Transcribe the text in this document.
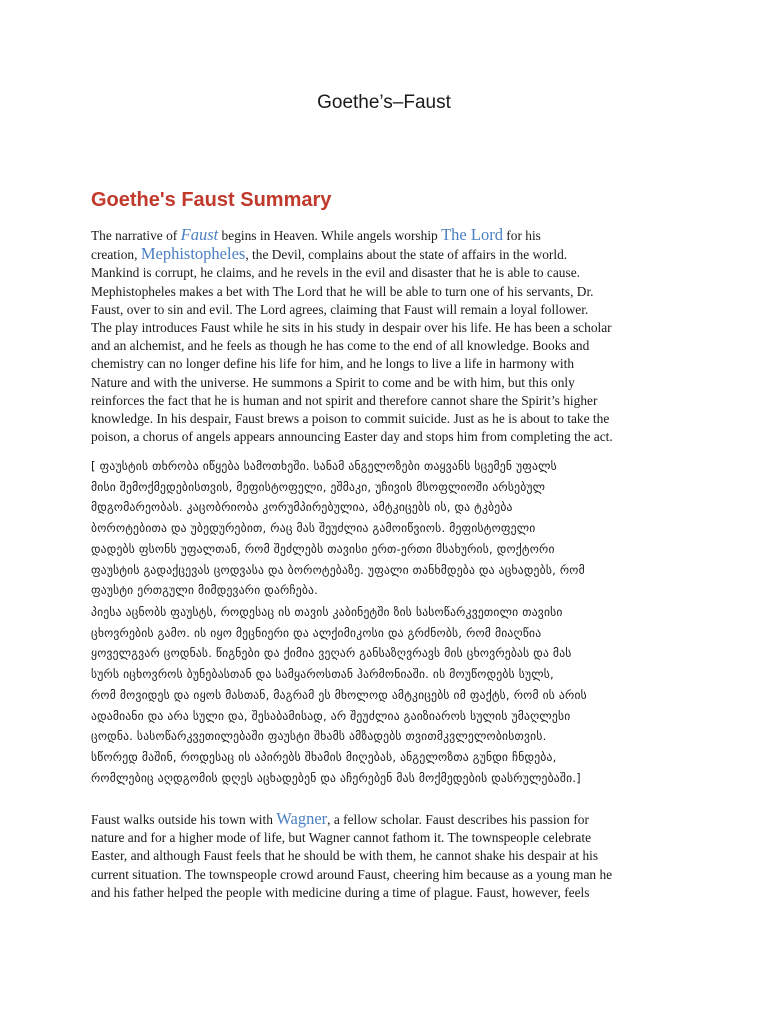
Goethe’s–Faust
Goethe's Faust Summary
The narrative of Faust begins in Heaven. While angels worship The Lord for his
creation, Mephistopheles, the Devil, complains about the state of affairs in the world.
Mankind is corrupt, he claims, and he revels in the evil and disaster that he is able to cause.
Mephistopheles makes a bet with The Lord that he will be able to turn one of his servants, Dr.
Faust, over to sin and evil. The Lord agrees, claiming that Faust will remain a loyal follower.
The play introduces Faust while he sits in his study in despair over his life. He has been a scholar
and an alchemist, and he feels as though he has come to the end of all knowledge. Books and
chemistry can no longer define his life for him, and he longs to live a life in harmony with
Nature and with the universe. He summons a Spirit to come and be with him, but this only
reinforces the fact that he is human and not spirit and therefore cannot share the Spirit’s higher
knowledge. In his despair, Faust brews a poison to commit suicide. Just as he is about to take the
poison, a chorus of angels appears announcing Easter day and stops him from completing the act.
[ ფაუსტის თხრობა იწყება სამოთხეში. სანამ ანგელოზები თაყვანს სცემენ უფალს
მისი შემოქმედებისთვის, მეფისტოფელი, ეშმაკი, უჩივის მსოფლიოში არსებულ
მდგომარეობას. კაცობრიობა კორუმპირებულია, ამტკიცებს ის, და ტკბება
ბოროტებითა და უბედურებით, რაც მას შეუძლია გამოიწვიოს. მეფისტოფელი
დადებს ფსონს უფალთან, რომ შეძლებს თავისი ერთ-ერთი მსახურის, დოქტორი
ფაუსტის გადაქცევას ცოდვასა და ბოროტებაზე. უფალი თანხმდება და აცხადებს, რომ
ფაუსტი ერთგული მიმდევარი დარჩება.
პიესა აცნობს ფაუსტს, როდესაც ის თავის კაბინეტში ზის სასოწარკვეთილი თავისი
ცხოვრების გამო. ის იყო მეცნიერი და ალქიმიკოსი და გრძნობს, რომ მიაღწია
ყოველგვარ ცოდნას. წიგნები და ქიმია ვეღარ განსაზღვრავს მის ცხოვრებას და მას
სურს იცხოვროს ბუნებასთან და სამყაროსთან ჰარმონიაში. ის მოუწოდებს სულს,
რომ მოვიდეს და იყოს მასთან, მაგრამ ეს მხოლოდ ამტკიცებს იმ ფაქტს, რომ ის არის
ადამიანი და არა სული და, შესაბამისად, არ შეუძლია გაიზიაროს სულის უმაღლესი
ცოდნა. სასოწარკვეთილებაში ფაუსტი შხამს ამზადებს თვითმკვლელობისთვის.
სწორედ მაშინ, როდესაც ის აპირებს შხამის მიღებას, ანგელოზთა გუნდი ჩნდება,
რომლებიც აღდგომის დღეს აცხადებენ და აჩერებენ მას მოქმედების დასრულებაში.]
Faust walks outside his town with Wagner, a fellow scholar. Faust describes his passion for
nature and for a higher mode of life, but Wagner cannot fathom it. The townspeople celebrate
Easter, and although Faust feels that he should be with them, he cannot shake his despair at his
current situation. The townspeople crowd around Faust, cheering him because as a young man he
and his father helped the people with medicine during a time of plague. Faust, however, feels
